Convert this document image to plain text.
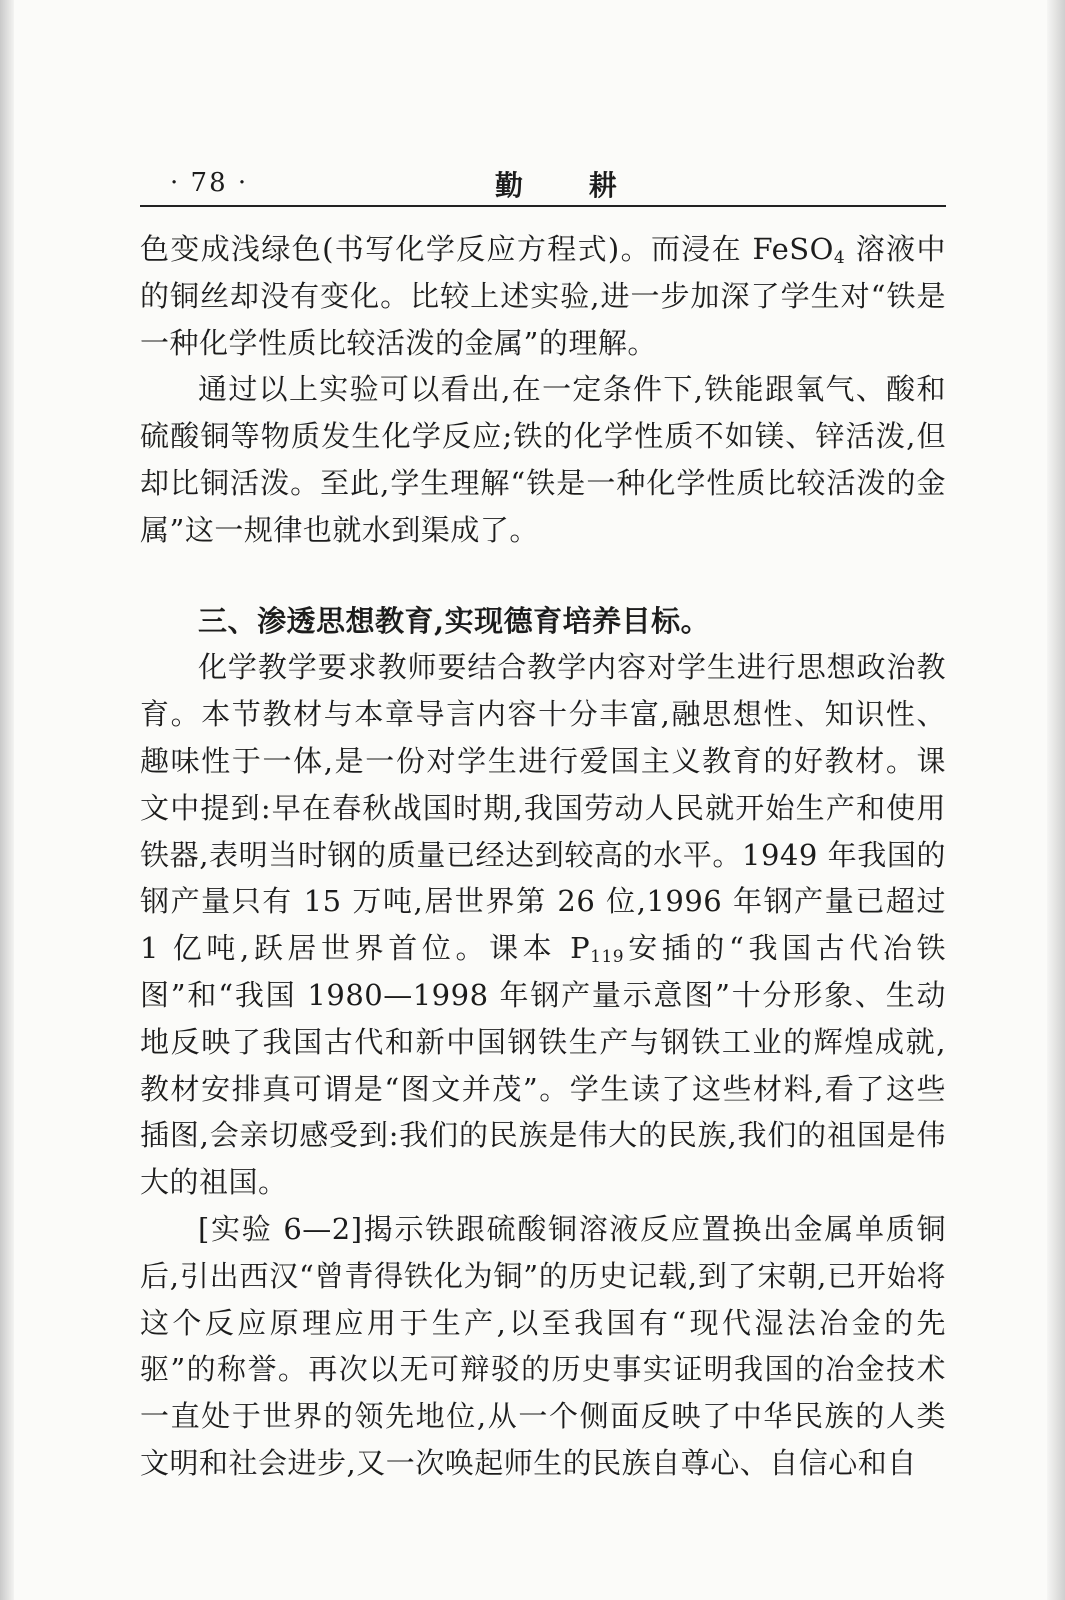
· 78 ·	勤 耕

色变成浅绿色(书写化学反应方程式)。而浸在 FeSO$_4$ 溶液中的铜丝却没有变化。比较上述实验,进一步加深了学生对“铁是一种化学性质比较活泼的金属”的理解。

通过以上实验可以看出,在一定条件下,铁能跟氧气、酸和硫酸铜等物质发生化学反应;铁的化学性质不如镁、锌活泼,但却比铜活泼。至此,学生理解“铁是一种化学性质比较活泼的金属”这一规律也就水到渠成了。

三、渗透思想教育,实现德育培养目标。

化学教学要求教师要结合教学内容对学生进行思想政治教育。本节教材与本章导言内容十分丰富,融思想性、知识性、趣味性于一体,是一份对学生进行爱国主义教育的好教材。课文中提到:早在春秋战国时期,我国劳动人民就开始生产和使用铁器,表明当时钢的质量已经达到较高的水平。1949 年我国的钢产量只有 15 万吨,居世界第 26 位,1996 年钢产量已超过 1 亿吨,跃居世界首位。课本 $P_{119}$安插的“我国古代冶铁图”和“我国 1980—1998 年钢产量示意图”十分形象、生动地反映了我国古代和新中国钢铁生产与钢铁工业的辉煌成就,教材安排真可谓是“图文并茂”。学生读了这些材料,看了这些插图,会亲切感受到:我们的民族是伟大的民族,我们的祖国是伟大的祖国。

[实验 6—2]揭示铁跟硫酸铜溶液反应置换出金属单质铜后,引出西汉“曾青得铁化为铜”的历史记载,到了宋朝,已开始将这个反应原理应用于生产,以至我国有“现代湿法冶金的先驱”的称誉。再次以无可辩驳的历史事实证明我国的冶金技术一直处于世界的领先地位,从一个侧面反映了中华民族的人类文明和社会进步,又一次唤起师生的民族自尊心、自信心和自
